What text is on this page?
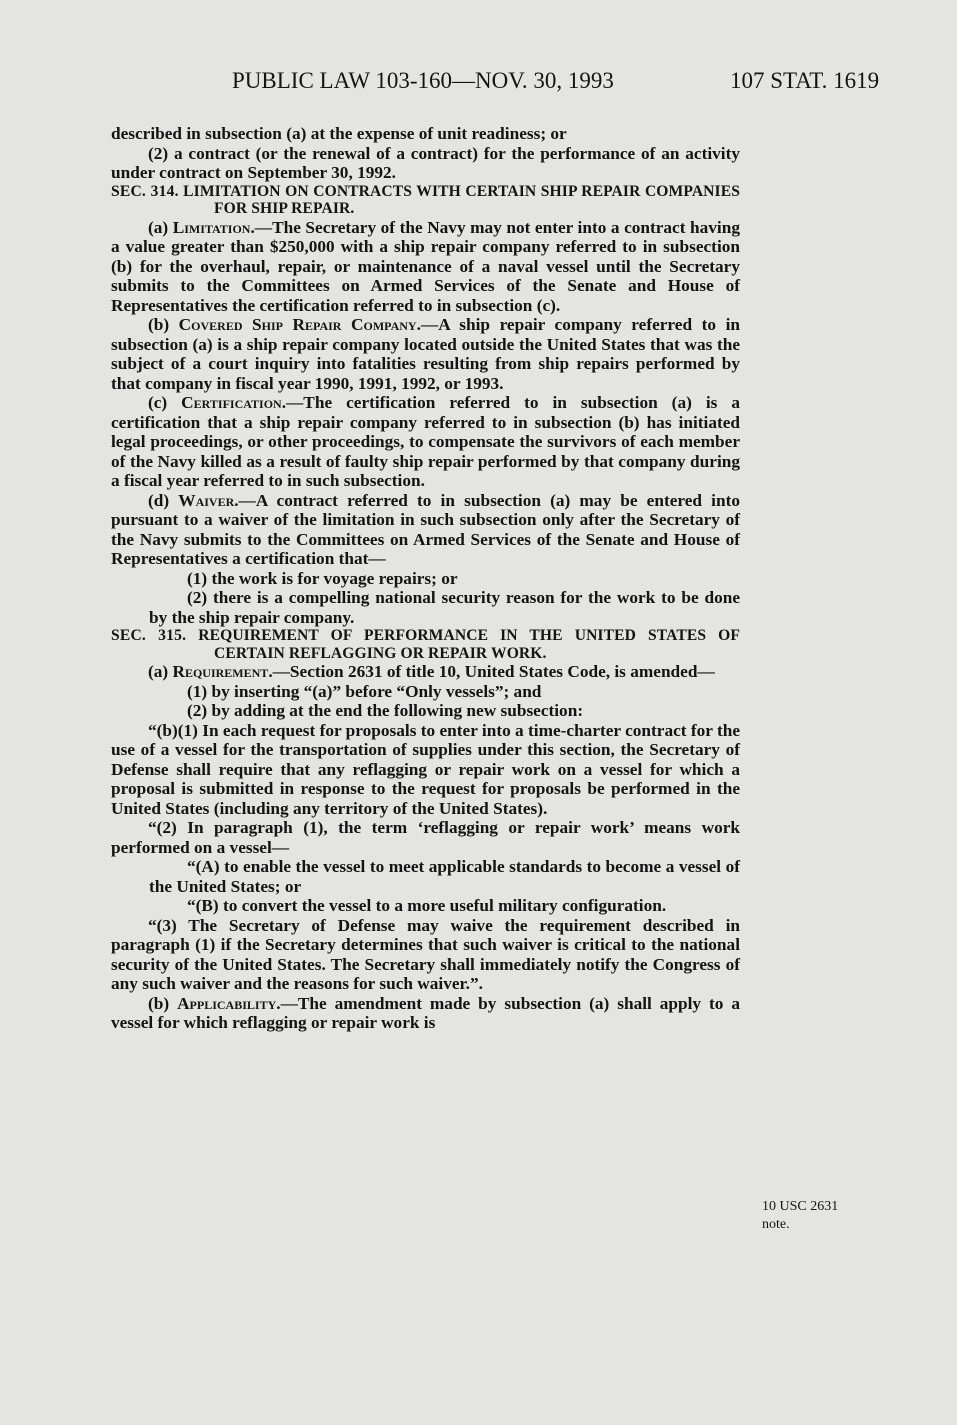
PUBLIC LAW 103-160—NOV. 30, 1993	107 STAT. 1619

described in subsection (a) at the expense of unit readiness; or

(2) a contract (or the renewal of a contract) for the performance of an activity under contract on September 30, 1992.

SEC. 314. LIMITATION ON CONTRACTS WITH CERTAIN SHIP REPAIR COMPANIES FOR SHIP REPAIR.

(a) Limitation.—The Secretary of the Navy may not enter into a contract having a value greater than $250,000 with a ship repair company referred to in subsection (b) for the overhaul, repair, or maintenance of a naval vessel until the Secretary submits to the Committees on Armed Services of the Senate and House of Representatives the certification referred to in subsection (c).

(b) Covered Ship Repair Company.—A ship repair company referred to in subsection (a) is a ship repair company located outside the United States that was the subject of a court inquiry into fatalities resulting from ship repairs performed by that company in fiscal year 1990, 1991, 1992, or 1993.

(c) Certification.—The certification referred to in subsection (a) is a certification that a ship repair company referred to in subsection (b) has initiated legal proceedings, or other proceedings, to compensate the survivors of each member of the Navy killed as a result of faulty ship repair performed by that company during a fiscal year referred to in such subsection.

(d) Waiver.—A contract referred to in subsection (a) may be entered into pursuant to a waiver of the limitation in such subsection only after the Secretary of the Navy submits to the Committees on Armed Services of the Senate and House of Representatives a certification that—

(1) the work is for voyage repairs; or

(2) there is a compelling national security reason for the work to be done by the ship repair company.

SEC. 315. REQUIREMENT OF PERFORMANCE IN THE UNITED STATES OF CERTAIN REFLAGGING OR REPAIR WORK.

(a) Requirement.—Section 2631 of title 10, United States Code, is amended—

(1) by inserting “(a)” before “Only vessels”; and

(2) by adding at the end the following new subsection:

“(b)(1) In each request for proposals to enter into a time-charter contract for the use of a vessel for the transportation of supplies under this section, the Secretary of Defense shall require that any reflagging or repair work on a vessel for which a proposal is submitted in response to the request for proposals be performed in the United States (including any territory of the United States).

“(2) In paragraph (1), the term ‘reflagging or repair work’ means work performed on a vessel—

“(A) to enable the vessel to meet applicable standards to become a vessel of the United States; or

“(B) to convert the vessel to a more useful military configuration.

“(3) The Secretary of Defense may waive the requirement described in paragraph (1) if the Secretary determines that such waiver is critical to the national security of the United States. The Secretary shall immediately notify the Congress of any such waiver and the reasons for such waiver.”.

(b) Applicability.—The amendment made by subsection (a) shall apply to a vessel for which reflagging or repair work is

10 USC 2631
note.
